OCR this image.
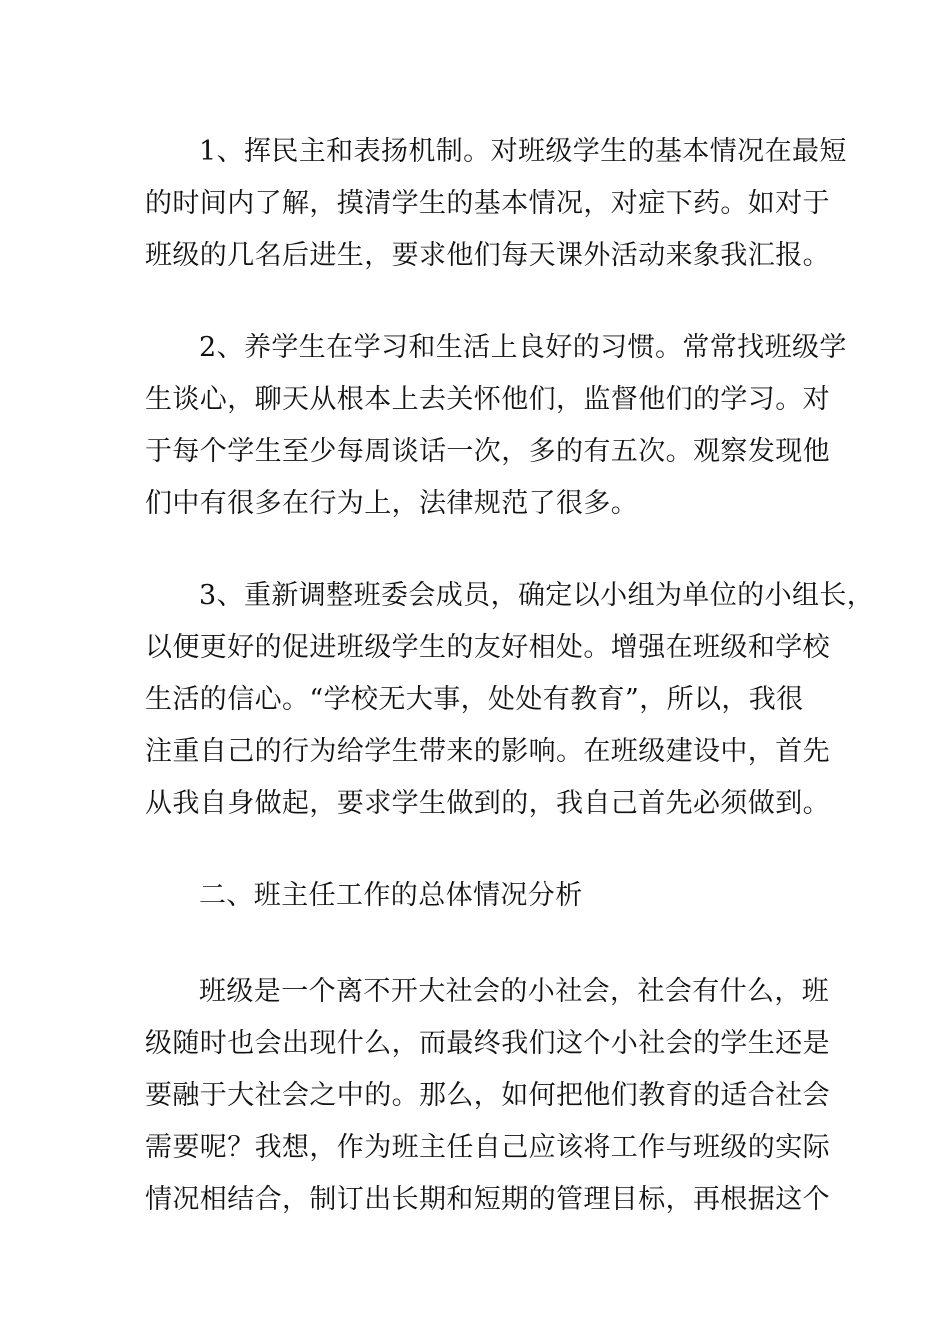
1、挥民主和表扬机制。对班级学生的基本情况在最短
的时间内了解，摸清学生的基本情况，对症下药。如对于
班级的几名后进生，要求他们每天课外活动来象我汇报。

2、养学生在学习和生活上良好的习惯。常常找班级学
生谈心，聊天从根本上去关怀他们，监督他们的学习。对
于每个学生至少每周谈话一次，多的有五次。观察发现他
们中有很多在行为上，法律规范了很多。

3、重新调整班委会成员，确定以小组为单位的小组长，
以便更好的促进班级学生的友好相处。增强在班级和学校
生活的信心。“学校无大事，处处有教育”，所以，我很
注重自己的行为给学生带来的影响。在班级建设中，首先
从我自身做起，要求学生做到的，我自己首先必须做到。

二、班主任工作的总体情况分析

班级是一个离不开大社会的小社会，社会有什么，班
级随时也会出现什么，而最终我们这个小社会的学生还是
要融于大社会之中的。那么，如何把他们教育的适合社会
需要呢？我想，作为班主任自己应该将工作与班级的实际
情况相结合，制订出长期和短期的管理目标，再根据这个
